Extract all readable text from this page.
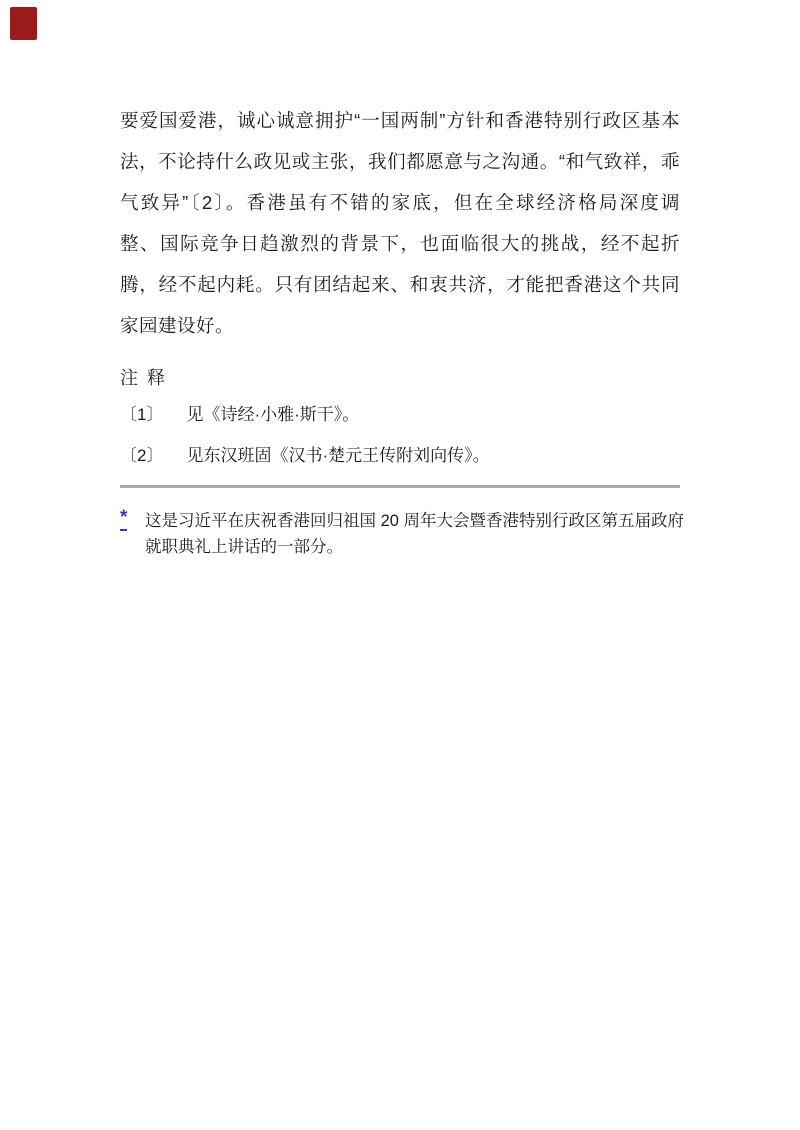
要爱国爱港，诚心诚意拥护“一国两制”方针和香港特别行政区基本
法，不论持什么政见或主张，我们都愿意与之沟通。“和气致祥，乖
气致异”〔2〕。香港虽有不错的家底，但在全球经济格局深度调
整、国际竞争日趋激烈的背景下，也面临很大的挑战，经不起折
腾，经不起内耗。只有团结起来、和衷共济，才能把香港这个共同
家园建设好。
注 释
〔1〕 见《诗经·小雅·斯干》。
〔2〕 见东汉班固《汉书·楚元王传附刘向传》。
*	这是习近平在庆祝香港回归祖国 20 周年大会暨香港特别行政区第五届政府
就职典礼上讲话的一部分。
